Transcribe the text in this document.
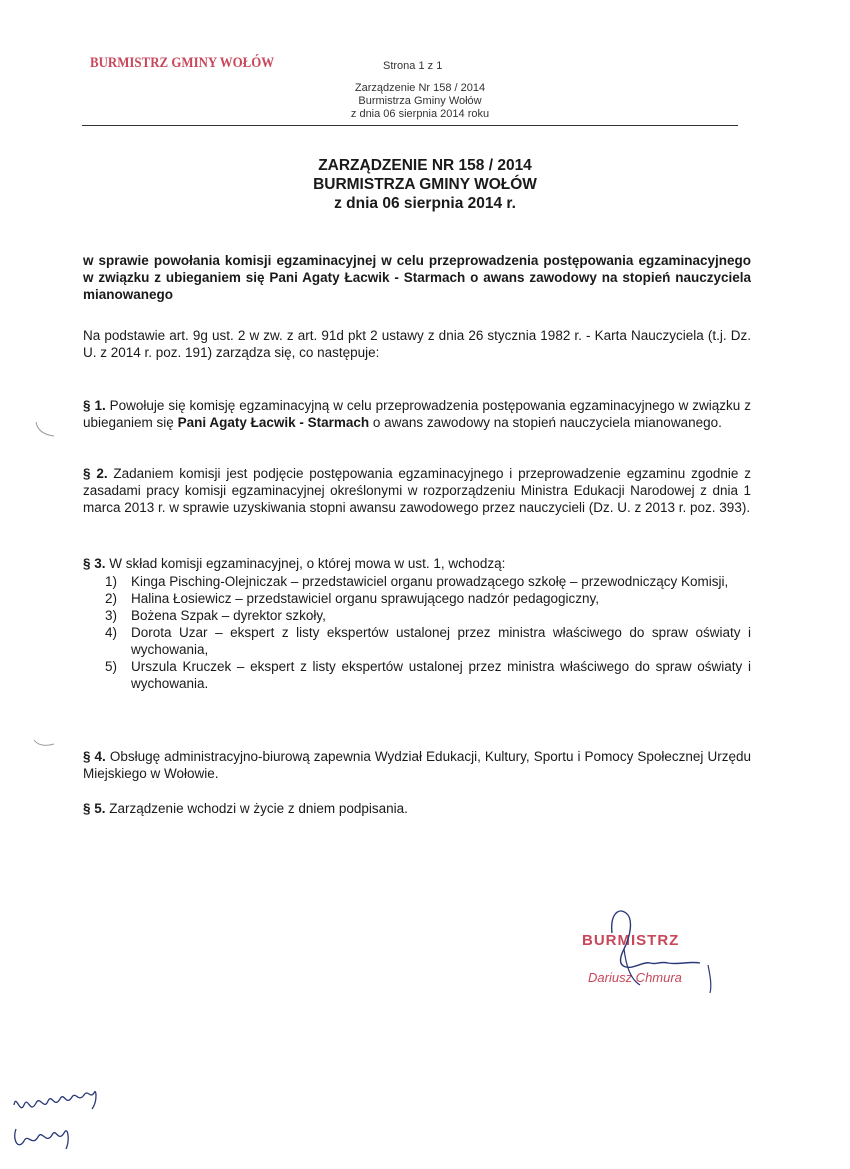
BURMISTRZ GMINY WOŁÓW	Strona 1 z 1
Zarządzenie Nr 158 / 2014
Burmistrza Gminy Wołów
z dnia 06 sierpnia 2014 roku
ZARZĄDZENIE NR 158 / 2014
BURMISTRZA GMINY WOŁÓW
z dnia 06 sierpnia 2014 r.
w sprawie powołania komisji egzaminacyjnej w celu przeprowadzenia postępowania egzaminacyjnego w związku z ubieganiem się Pani Agaty Łacwik - Starmach o awans zawodowy na stopień nauczyciela mianowanego
Na podstawie art. 9g ust. 2 w zw. z art. 91d pkt 2 ustawy z dnia 26 stycznia 1982 r. - Karta Nauczyciela (t.j. Dz. U. z 2014 r. poz. 191) zarządza się, co następuje:
§ 1. Powołuje się komisję egzaminacyjną w celu przeprowadzenia postępowania egzaminacyjnego w związku z ubieganiem się Pani Agaty Łacwik - Starmach o awans zawodowy na stopień nauczyciela mianowanego.
§ 2. Zadaniem komisji jest podjęcie postępowania egzaminacyjnego i przeprowadzenie egzaminu zgodnie z zasadami pracy komisji egzaminacyjnej określonymi w rozporządzeniu Ministra Edukacji Narodowej z dnia 1 marca 2013 r. w sprawie uzyskiwania stopni awansu zawodowego przez nauczycieli (Dz. U. z 2013 r. poz. 393).
§ 3. W skład komisji egzaminacyjnej, o której mowa w ust. 1, wchodzą:
1)	Kinga Pisching-Olejniczak – przedstawiciel organu prowadzącego szkołę – przewodniczący Komisji,
2)	Halina Łosiewicz – przedstawiciel organu sprawującego nadzór pedagogiczny,
3)	Bożena Szpak – dyrektor szkoły,
4)	Dorota Uzar – ekspert z listy ekspertów ustalonej przez ministra właściwego do spraw oświaty i wychowania,
5)	Urszula Kruczek – ekspert z listy ekspertów ustalonej przez ministra właściwego do spraw oświaty i wychowania.
§ 4. Obsługę administracyjno-biurową zapewnia Wydział Edukacji, Kultury, Sportu i Pomocy Społecznej Urzędu Miejskiego w Wołowie.
§ 5. Zarządzenie wchodzi w życie z dniem podpisania.
BURMISTRZ
Dariusz Chmura
